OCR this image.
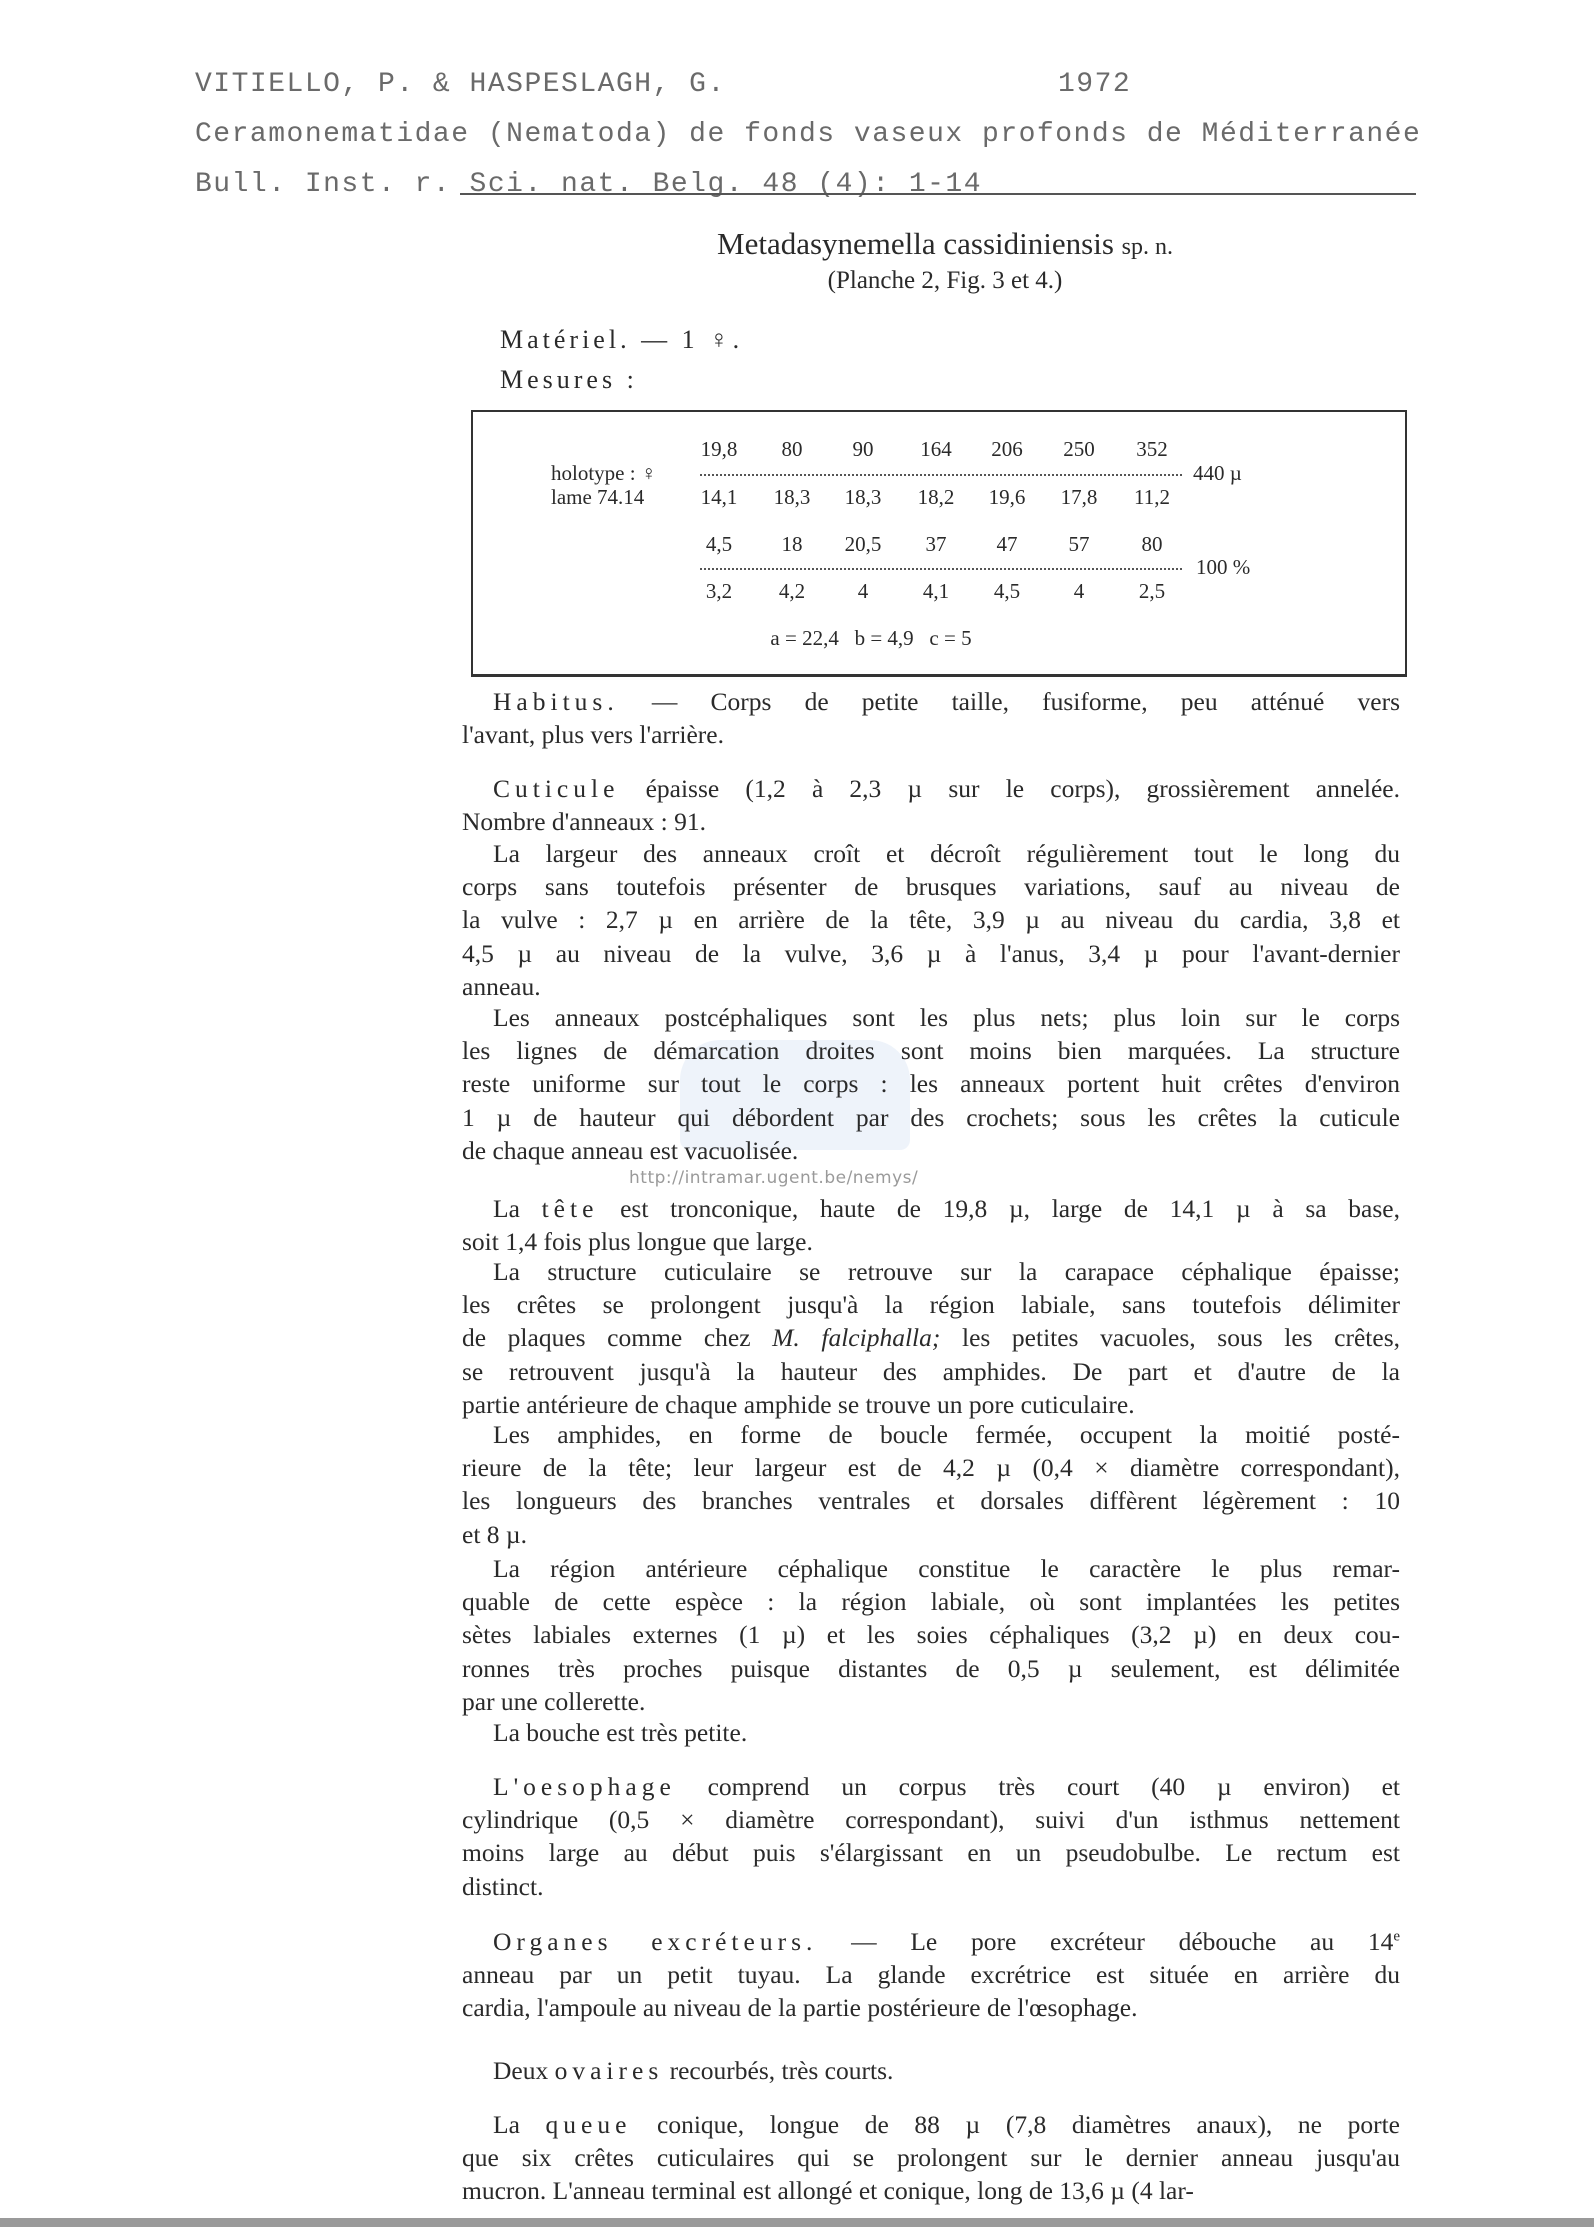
VITIELLO, P. & HASPESLAGH, G.	1972
Ceramonematidae (Nematoda) de fonds vaseux profonds de Méditerranée
Bull. Inst. r. Sci. nat. Belg. 48 (4): 1-14
Metadasynemella cassidiniensis sp. n.
(Planche 2, Fig. 3 et 4.)
Matériel. — 1 ♀.
Mesures :
19,8	80	90	164	206	250	352
14,1	18,3	18,3	18,2	19,6	17,8	11,2
4,5	18	20,5	37	47	57	80
3,2	4,2	4	4,1	4,5	4	2,5
holotype : ♀
lame 74.14
440 µ
100 %
a = 22,4   b = 4,9   c = 5
Habitus. — Corps de petite taille, fusiforme, peu atténué vers
l'avant, plus vers l'arrière.
Cuticule épaisse (1,2 à 2,3 µ sur le corps), grossièrement annelée.
Nombre d'anneaux : 91.
La largeur des anneaux croît et décroît régulièrement tout le long du
corps sans toutefois présenter de brusques variations, sauf au niveau de
la vulve : 2,7 µ en arrière de la tête, 3,9 µ au niveau du cardia, 3,8 et
4,5 µ au niveau de la vulve, 3,6 µ à l'anus, 3,4 µ pour l'avant-dernier
anneau.
Les anneaux postcéphaliques sont les plus nets; plus loin sur le corps
les lignes de démarcation droites sont moins bien marquées. La structure
reste uniforme sur tout le corps : les anneaux portent huit crêtes d'environ
1 µ de hauteur qui débordent par des crochets; sous les crêtes la cuticule
de chaque anneau est vacuolisée.
La tête est tronconique, haute de 19,8 µ, large de 14,1 µ à sa base,
soit 1,4 fois plus longue que large.
La structure cuticulaire se retrouve sur la carapace céphalique épaisse;
les crêtes se prolongent jusqu'à la région labiale, sans toutefois délimiter
de plaques comme chez M. falciphalla; les petites vacuoles, sous les crêtes,
se retrouvent jusqu'à la hauteur des amphides. De part et d'autre de la
partie antérieure de chaque amphide se trouve un pore cuticulaire.
Les amphides, en forme de boucle fermée, occupent la moitié posté-
rieure de la tête; leur largeur est de 4,2 µ (0,4 × diamètre correspondant),
les longueurs des branches ventrales et dorsales diffèrent légèrement : 10
et 8 µ.
La région antérieure céphalique constitue le caractère le plus remar-
quable de cette espèce : la région labiale, où sont implantées les petites
sètes labiales externes (1 µ) et les soies céphaliques (3,2 µ) en deux cou-
ronnes très proches puisque distantes de 0,5 µ seulement, est délimitée
par une collerette.
La bouche est très petite.
L'oesophage comprend un corpus très court (40 µ environ) et
cylindrique (0,5 × diamètre correspondant), suivi d'un isthmus nettement
moins large au début puis s'élargissant en un pseudobulbe. Le rectum est
distinct.
Organes excréteurs. — Le pore excréteur débouche au 14e
anneau par un petit tuyau. La glande excrétrice est située en arrière du
cardia, l'ampoule au niveau de la partie postérieure de l'œsophage.
Deux ovaires recourbés, très courts.
La queue conique, longue de 88 µ (7,8 diamètres anaux), ne porte
que six crêtes cuticulaires qui se prolongent sur le dernier anneau jusqu'au
mucron. L'anneau terminal est allongé et conique, long de 13,6 µ (4 lar-
http://intramar.ugent.be/nemys/
